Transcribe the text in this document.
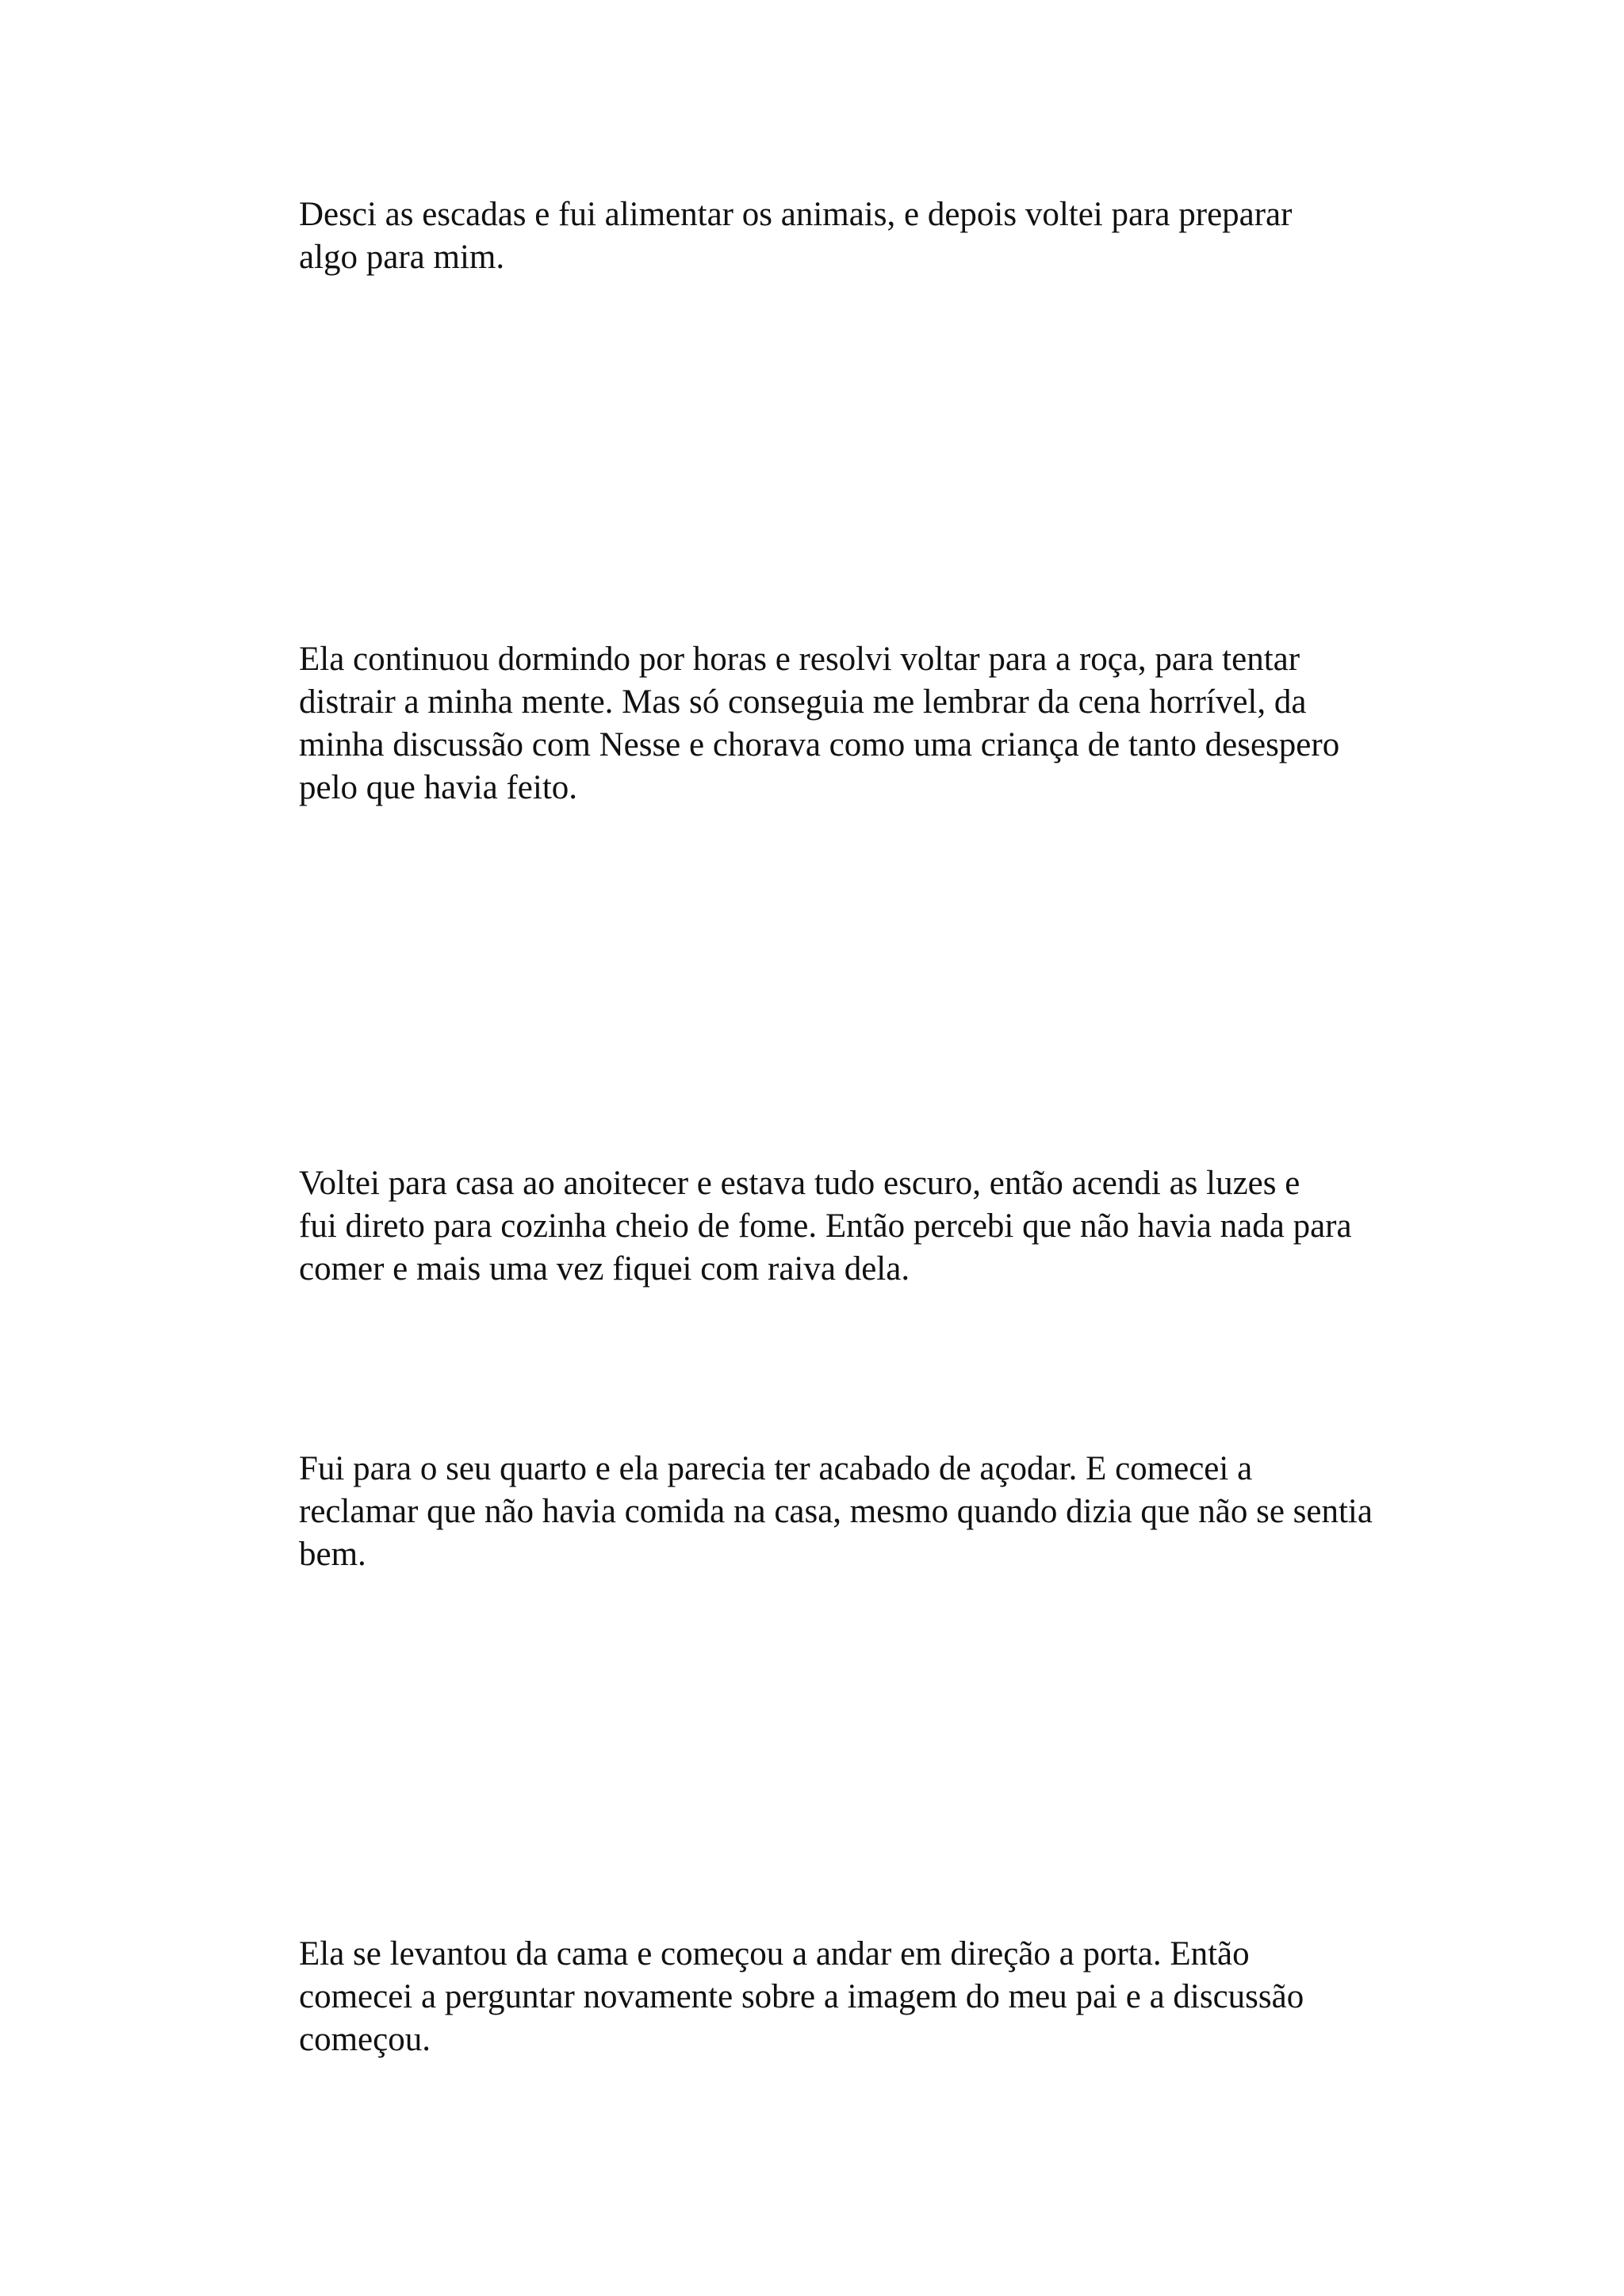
Desci as escadas e fui alimentar os animais, e depois voltei para preparar
algo para mim.

Ela continuou dormindo por horas e resolvi voltar para a roça, para tentar
distrair a minha mente. Mas só conseguia me lembrar da cena horrível, da
minha discussão com Nesse e chorava como uma criança de tanto desespero
pelo que havia feito.

Voltei para casa ao anoitecer e estava tudo escuro, então acendi as luzes e
fui direto para cozinha cheio de fome. Então percebi que não havia nada para
comer e mais uma vez fiquei com raiva dela.

Fui para o seu quarto e ela parecia ter acabado de açodar. E comecei a
reclamar que não havia comida na casa, mesmo quando dizia que não se sentia
bem.

Ela se levantou da cama e começou a andar em direção a porta. Então
comecei a perguntar novamente sobre a imagem do meu pai e a discussão
começou.
